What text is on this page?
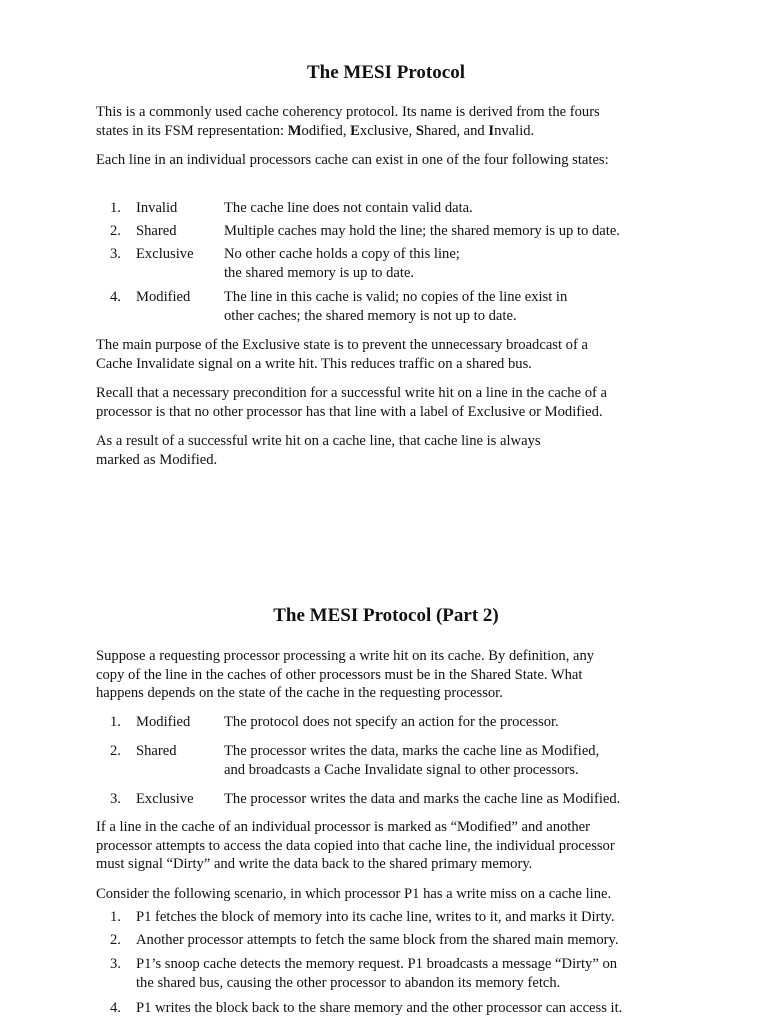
The MESI Protocol

This is a commonly used cache coherency protocol. Its name is derived from the fours
states in its FSM representation: Modified, Exclusive, Shared, and Invalid.

Each line in an individual processors cache can exist in one of the four following states:

1.	Invalid	The cache line does not contain valid data.
2.	Shared	Multiple caches may hold the line; the shared memory is up to date.
3.	Exclusive	No other cache holds a copy of this line;
the shared memory is up to date.
4.	Modified	The line in this cache is valid; no copies of the line exist in
other caches; the shared memory is not up to date.

The main purpose of the Exclusive state is to prevent the unnecessary broadcast of a
Cache Invalidate signal on a write hit. This reduces traffic on a shared bus.

Recall that a necessary precondition for a successful write hit on a line in the cache of a
processor is that no other processor has that line with a label of Exclusive or Modified.

As a result of a successful write hit on a cache line, that cache line is always
marked as Modified.

The MESI Protocol (Part 2)

Suppose a requesting processor processing a write hit on its cache. By definition, any
copy of the line in the caches of other processors must be in the Shared State. What
happens depends on the state of the cache in the requesting processor.

1.	Modified	The protocol does not specify an action for the processor.
2.	Shared	The processor writes the data, marks the cache line as Modified,
and broadcasts a Cache Invalidate signal to other processors.
3.	Exclusive	The processor writes the data and marks the cache line as Modified.

If a line in the cache of an individual processor is marked as “Modified” and another
processor attempts to access the data copied into that cache line, the individual processor
must signal “Dirty” and write the data back to the shared primary memory.

Consider the following scenario, in which processor P1 has a write miss on a cache line.

1.	P1 fetches the block of memory into its cache line, writes to it, and marks it Dirty.
2.	Another processor attempts to fetch the same block from the shared main memory.
3.	P1’s snoop cache detects the memory request. P1 broadcasts a message “Dirty” on
the shared bus, causing the other processor to abandon its memory fetch.
4.	P1 writes the block back to the share memory and the other processor can access it.
